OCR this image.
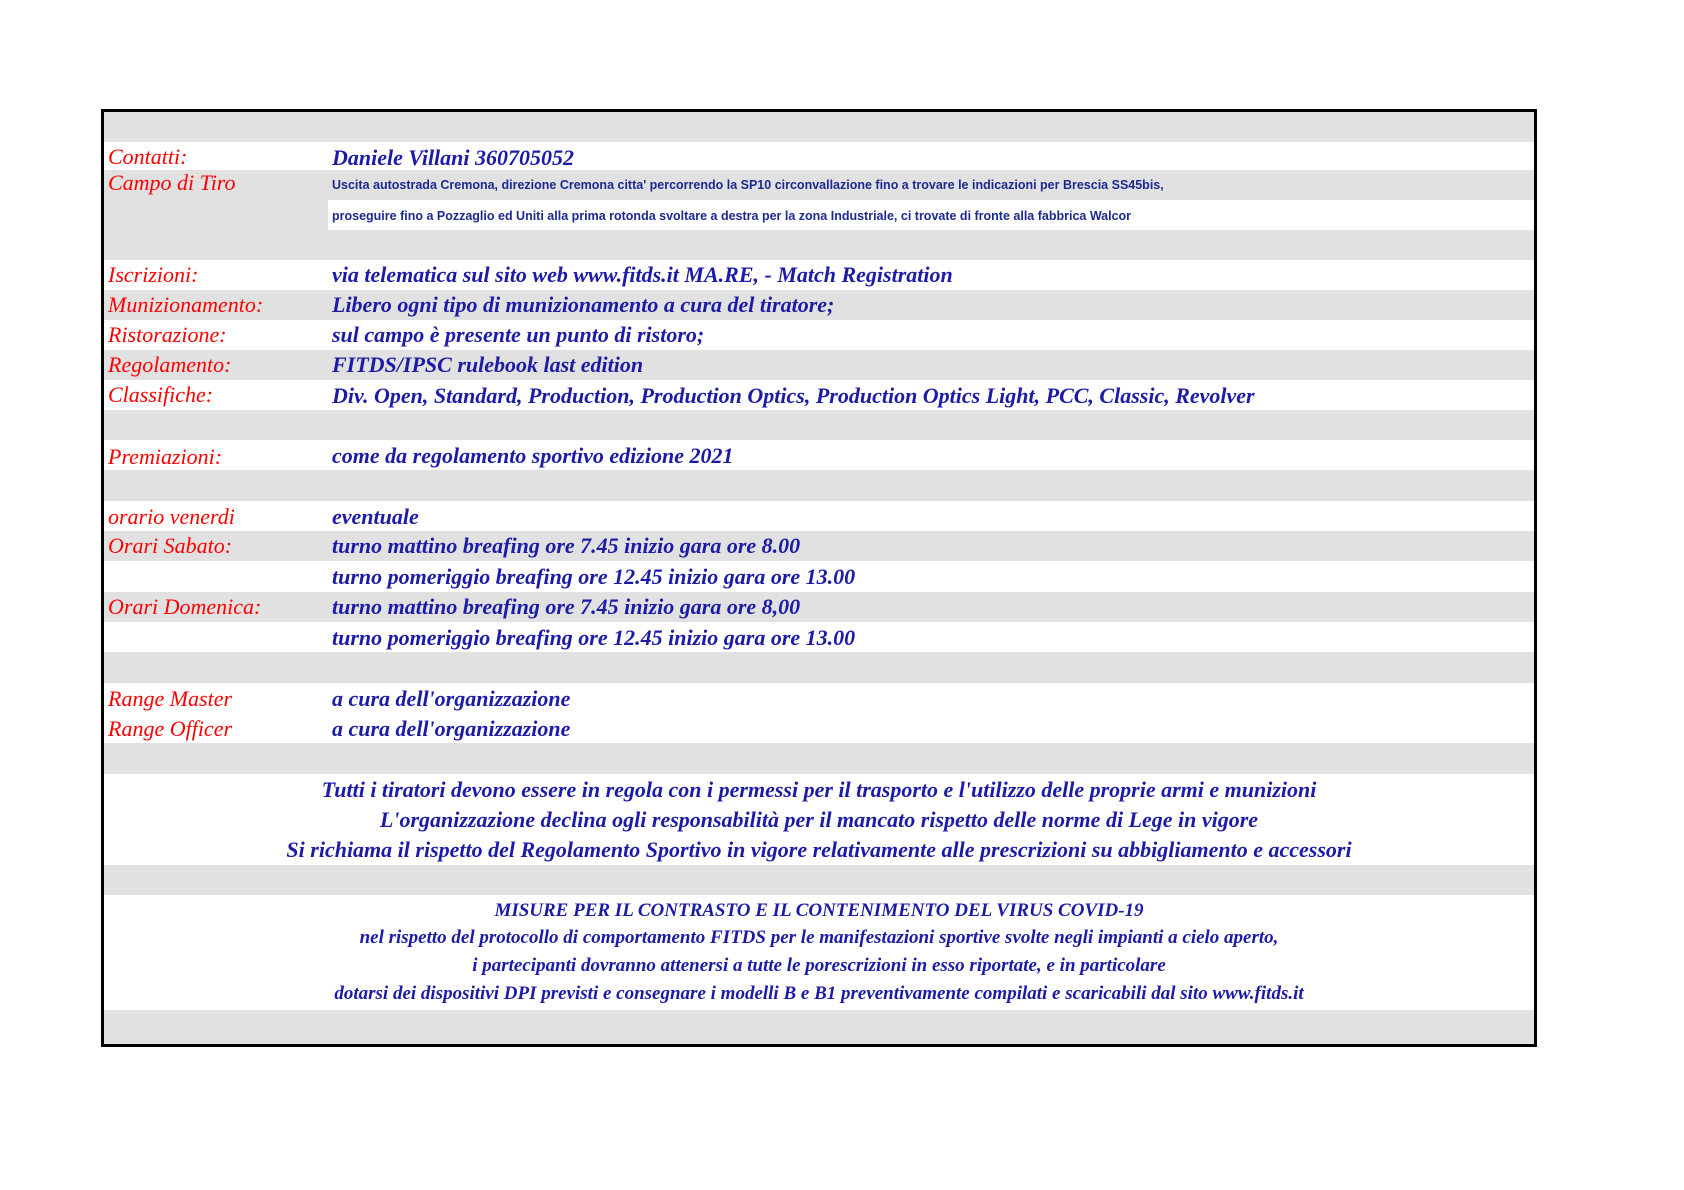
Contatti:	Daniele Villani 360705052
Campo di Tiro	Uscita autostrada Cremona, direzione Cremona citta' percorrendo la SP10 circonvallazione fino a trovare le indicazioni per Brescia SS45bis,
proseguire fino a Pozzaglio ed Uniti alla prima rotonda svoltare a destra per la zona Industriale, ci trovate di fronte alla fabbrica Walcor
Iscrizioni:	via telematica sul sito web www.fitds.it MA.RE, - Match Registration
Munizionamento:	Libero ogni tipo di munizionamento a cura del tiratore;
Ristorazione:	sul campo è presente un punto di ristoro;
Regolamento:	FITDS/IPSC rulebook last edition
Classifiche:	Div. Open, Standard, Production, Production Optics, Production Optics Light, PCC, Classic, Revolver
Premiazioni:	come da regolamento sportivo edizione 2021
orario venerdi	eventuale
Orari Sabato:	turno mattino breafing ore 7.45 inizio gara ore 8.00
turno pomeriggio breafing ore 12.45 inizio gara ore 13.00
Orari Domenica:	turno mattino breafing ore 7.45 inizio gara ore 8,00
turno pomeriggio breafing ore 12.45 inizio gara ore 13.00
Range Master	a cura dell'organizzazione
Range Officer	a cura dell'organizzazione
Tutti i tiratori devono essere in regola con i permessi per il trasporto e l'utilizzo delle proprie armi e munizioni
L'organizzazione declina ogli responsabilità per il mancato rispetto delle norme di Lege in vigore
Si richiama il rispetto del Regolamento Sportivo in vigore relativamente alle prescrizioni su abbigliamento e accessori
MISURE PER IL CONTRASTO E IL CONTENIMENTO DEL VIRUS COVID-19
nel rispetto del protocollo di comportamento FITDS per le manifestazioni sportive svolte negli impianti a cielo aperto,
i partecipanti dovranno attenersi a tutte le porescrizioni in esso riportate, e in particolare
dotarsi dei dispositivi DPI previsti e consegnare i modelli B e B1 preventivamente compilati e scaricabili dal sito www.fitds.it
